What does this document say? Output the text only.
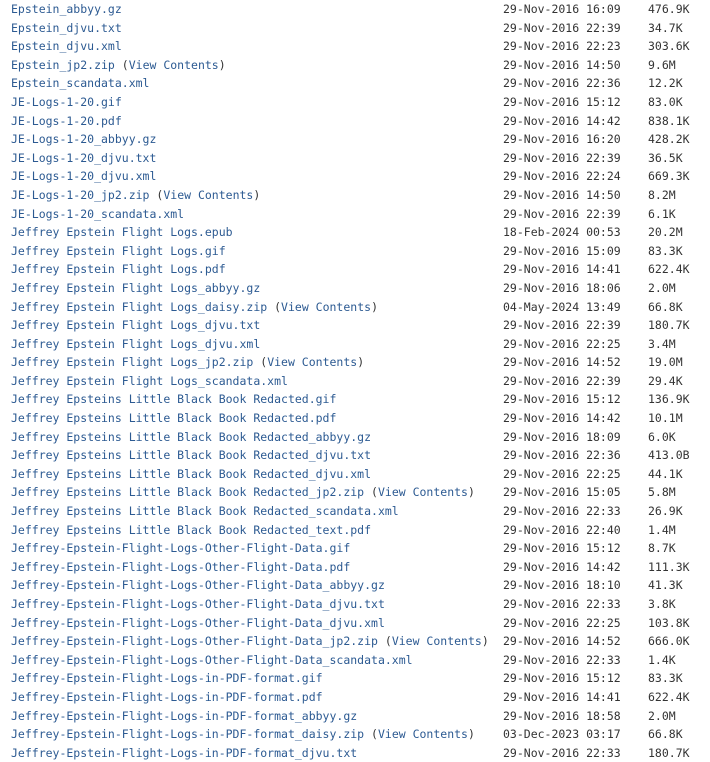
Epstein_abbyy.gz	29-Nov-2016 16:09 476.9K
Epstein_djvu.txt	29-Nov-2016 22:39 34.7K
Epstein_djvu.xml	29-Nov-2016 22:23 303.6K
Epstein_jp2.zip (View Contents)	29-Nov-2016 14:50 9.6M
Epstein_scandata.xml	29-Nov-2016 22:36 12.2K
JE-Logs-1-20.gif	29-Nov-2016 15:12 83.0K
JE-Logs-1-20.pdf	29-Nov-2016 14:42 838.1K
JE-Logs-1-20_abbyy.gz	29-Nov-2016 16:20 428.2K
JE-Logs-1-20_djvu.txt	29-Nov-2016 22:39 36.5K
JE-Logs-1-20_djvu.xml	29-Nov-2016 22:24 669.3K
JE-Logs-1-20_jp2.zip (View Contents)	29-Nov-2016 14:50 8.2M
JE-Logs-1-20_scandata.xml	29-Nov-2016 22:39 6.1K
Jeffrey Epstein Flight Logs.epub	18-Feb-2024 00:53 20.2M
Jeffrey Epstein Flight Logs.gif	29-Nov-2016 15:09 83.3K
Jeffrey Epstein Flight Logs.pdf	29-Nov-2016 14:41 622.4K
Jeffrey Epstein Flight Logs_abbyy.gz	29-Nov-2016 18:06 2.0M
Jeffrey Epstein Flight Logs_daisy.zip (View Contents)	04-May-2024 13:49 66.8K
Jeffrey Epstein Flight Logs_djvu.txt	29-Nov-2016 22:39 180.7K
Jeffrey Epstein Flight Logs_djvu.xml	29-Nov-2016 22:25 3.4M
Jeffrey Epstein Flight Logs_jp2.zip (View Contents)	29-Nov-2016 14:52 19.0M
Jeffrey Epstein Flight Logs_scandata.xml	29-Nov-2016 22:39 29.4K
Jeffrey Epsteins Little Black Book Redacted.gif	29-Nov-2016 15:12 136.9K
Jeffrey Epsteins Little Black Book Redacted.pdf	29-Nov-2016 14:42 10.1M
Jeffrey Epsteins Little Black Book Redacted_abbyy.gz	29-Nov-2016 18:09 6.0K
Jeffrey Epsteins Little Black Book Redacted_djvu.txt	29-Nov-2016 22:36 413.0B
Jeffrey Epsteins Little Black Book Redacted_djvu.xml	29-Nov-2016 22:25 44.1K
Jeffrey Epsteins Little Black Book Redacted_jp2.zip (View Contents) 29-Nov-2016 15:05 5.8M
Jeffrey Epsteins Little Black Book Redacted_scandata.xml	29-Nov-2016 22:33 26.9K
Jeffrey Epsteins Little Black Book Redacted_text.pdf	29-Nov-2016 22:40 1.4M
Jeffrey-Epstein-Flight-Logs-Other-Flight-Data.gif	29-Nov-2016 15:12 8.7K
Jeffrey-Epstein-Flight-Logs-Other-Flight-Data.pdf	29-Nov-2016 14:42 111.3K
Jeffrey-Epstein-Flight-Logs-Other-Flight-Data_abbyy.gz	29-Nov-2016 18:10 41.3K
Jeffrey-Epstein-Flight-Logs-Other-Flight-Data_djvu.txt	29-Nov-2016 22:33 3.8K
Jeffrey-Epstein-Flight-Logs-Other-Flight-Data_djvu.xml	29-Nov-2016 22:25 103.8K
Jeffrey-Epstein-Flight-Logs-Other-Flight-Data_jp2.zip (View Contents) 29-Nov-2016 14:52 666.0K
Jeffrey-Epstein-Flight-Logs-Other-Flight-Data_scandata.xml	29-Nov-2016 22:33 1.4K
Jeffrey-Epstein-Flight-Logs-in-PDF-format.gif	29-Nov-2016 15:12 83.3K
Jeffrey-Epstein-Flight-Logs-in-PDF-format.pdf	29-Nov-2016 14:41 622.4K
Jeffrey-Epstein-Flight-Logs-in-PDF-format_abbyy.gz	29-Nov-2016 18:58 2.0M
Jeffrey-Epstein-Flight-Logs-in-PDF-format_daisy.zip (View Contents) 03-Dec-2023 03:17 66.8K
Jeffrey-Epstein-Flight-Logs-in-PDF-format_djvu.txt	29-Nov-2016 22:33 180.7K
